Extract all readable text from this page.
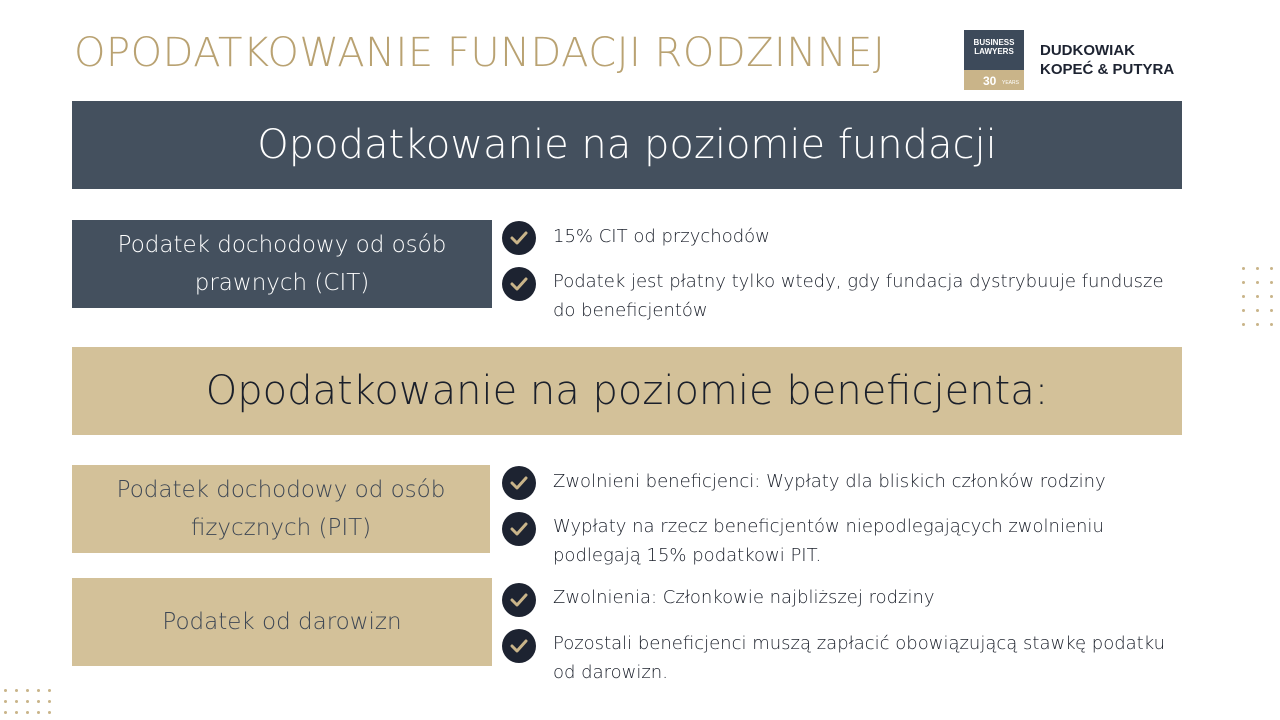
OPODATKOWANIE FUNDACJI RODZINNEJ	BUSINESS
LAWYERS
30 YEARS
DUDKOWIAK
KOPEĆ & PUTYRA
Opodatkowanie na poziomie fundacji
Podatek dochodowy od osób prawnych (CIT)
15% CIT od przychodów
Podatek jest płatny tylko wtedy, gdy fundacja dystrybuuje fundusze do beneficjentów
Opodatkowanie na poziomie beneficjenta:
Podatek dochodowy od osób fizycznych (PIT)
Zwolnieni beneficjenci: Wypłaty dla bliskich członków rodziny
Wypłaty na rzecz beneficjentów niepodlegających zwolnieniu podlegają 15% podatkowi PIT.
Podatek od darowizn
Zwolnienia: Członkowie najbliższej rodziny
Pozostali beneficjenci muszą zapłacić obowiązującą stawkę podatku od darowizn.
